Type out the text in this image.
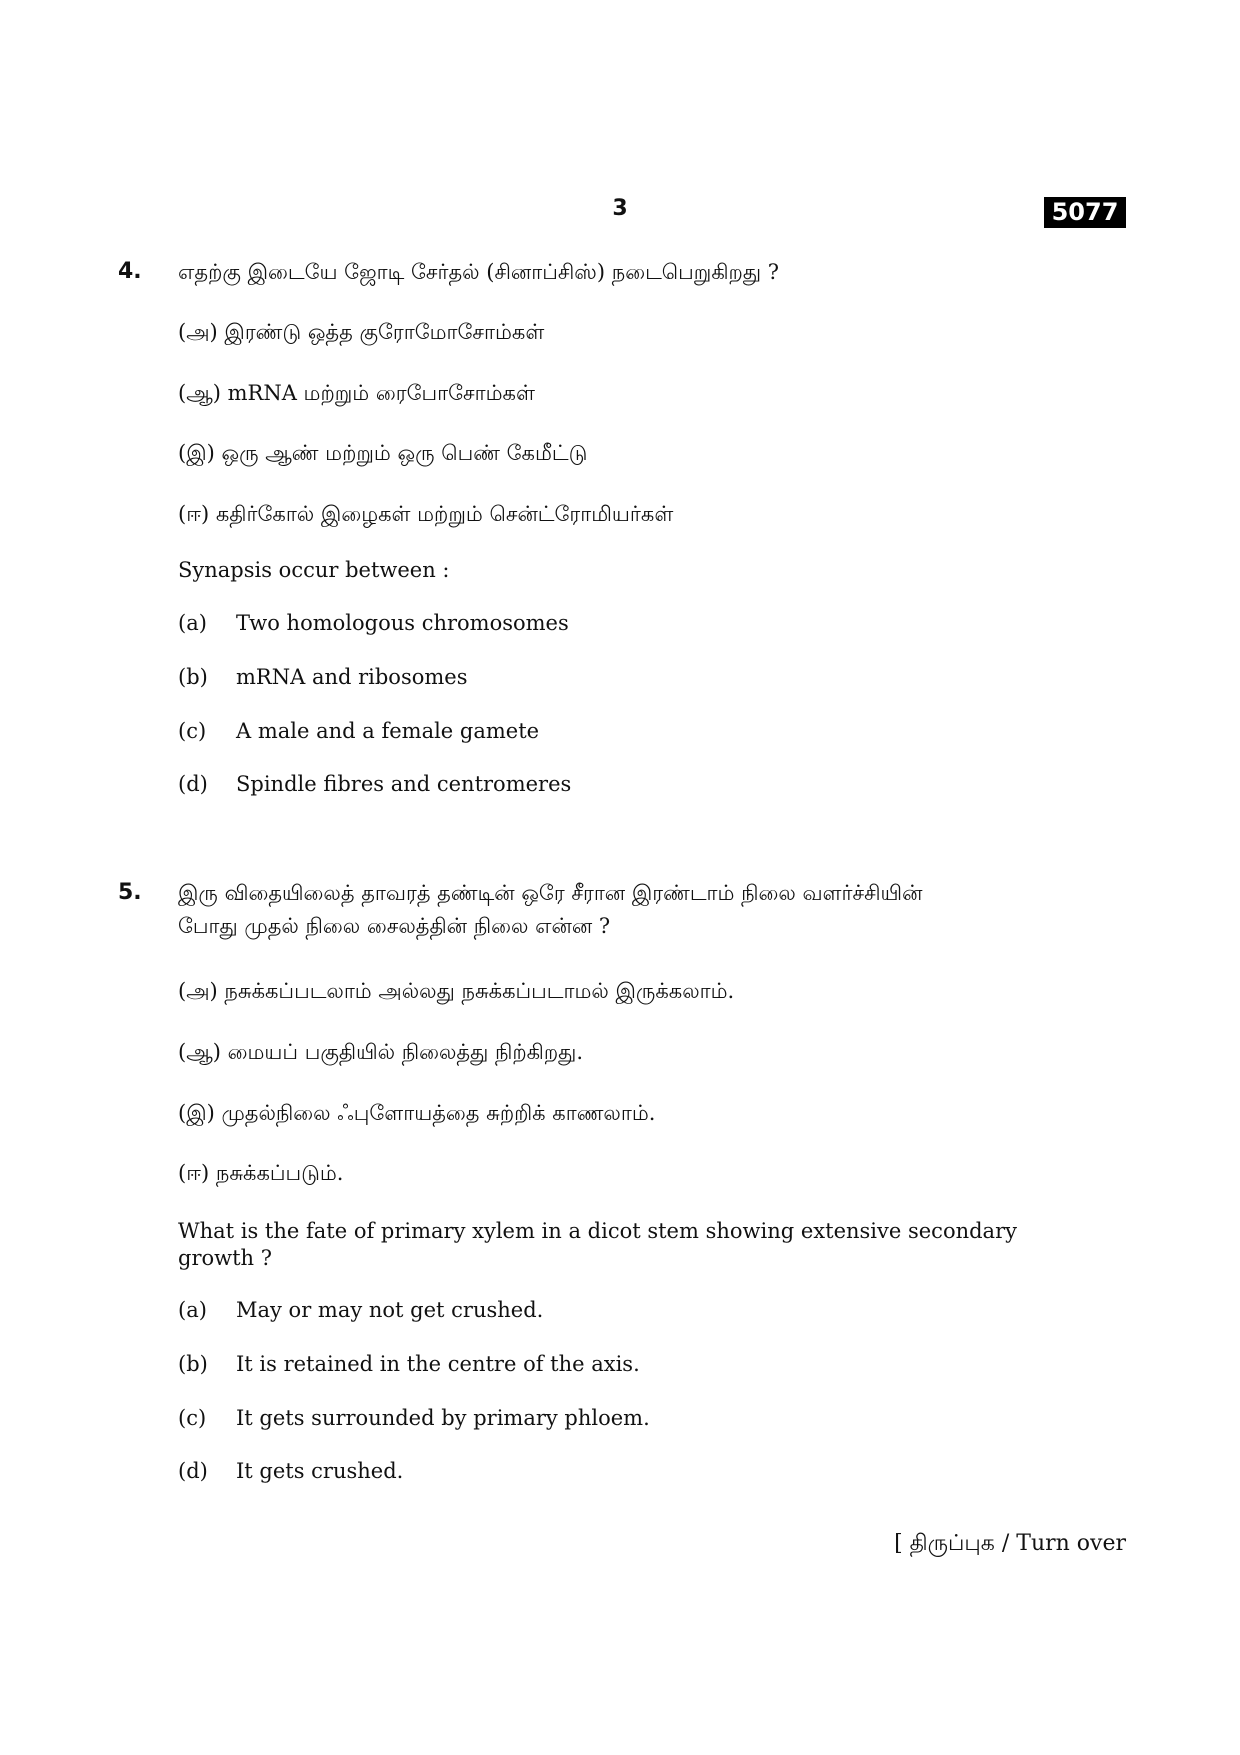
3	5077
4. எதற்கு இடையே ஜோடி சேர்தல் (சினாப்சிஸ்) நடைபெறுகிறது ?
(அ) இரண்டு ஒத்த குரோமோசோம்கள்
(ஆ) mRNA மற்றும் ரைபோசோம்கள்
(இ) ஒரு ஆண் மற்றும் ஒரு பெண் கேமீட்டு
(ஈ) கதிர்கோல் இழைகள் மற்றும் சென்ட்ரோமியர்கள்
Synapsis occur between :
(a) Two homologous chromosomes
(b) mRNA and ribosomes
(c) A male and a female gamete
(d) Spindle fibres and centromeres
5. இரு விதையிலைத் தாவரத் தண்டின் ஒரே சீரான இரண்டாம் நிலை வளர்ச்சியின்
போது முதல் நிலை சைலத்தின் நிலை என்ன ?
(அ) நசுக்கப்படலாம் அல்லது நசுக்கப்படாமல் இருக்கலாம்.
(ஆ) மையப் பகுதியில் நிலைத்து நிற்கிறது.
(இ) முதல்நிலை ஃபுளோயத்தை சுற்றிக் காணலாம்.
(ஈ) நசுக்கப்படும்.
What is the fate of primary xylem in a dicot stem showing extensive secondary growth ?
(a) May or may not get crushed.
(b) It is retained in the centre of the axis.
(c) It gets surrounded by primary phloem.
(d) It gets crushed.
[ திருப்புக / Turn over
